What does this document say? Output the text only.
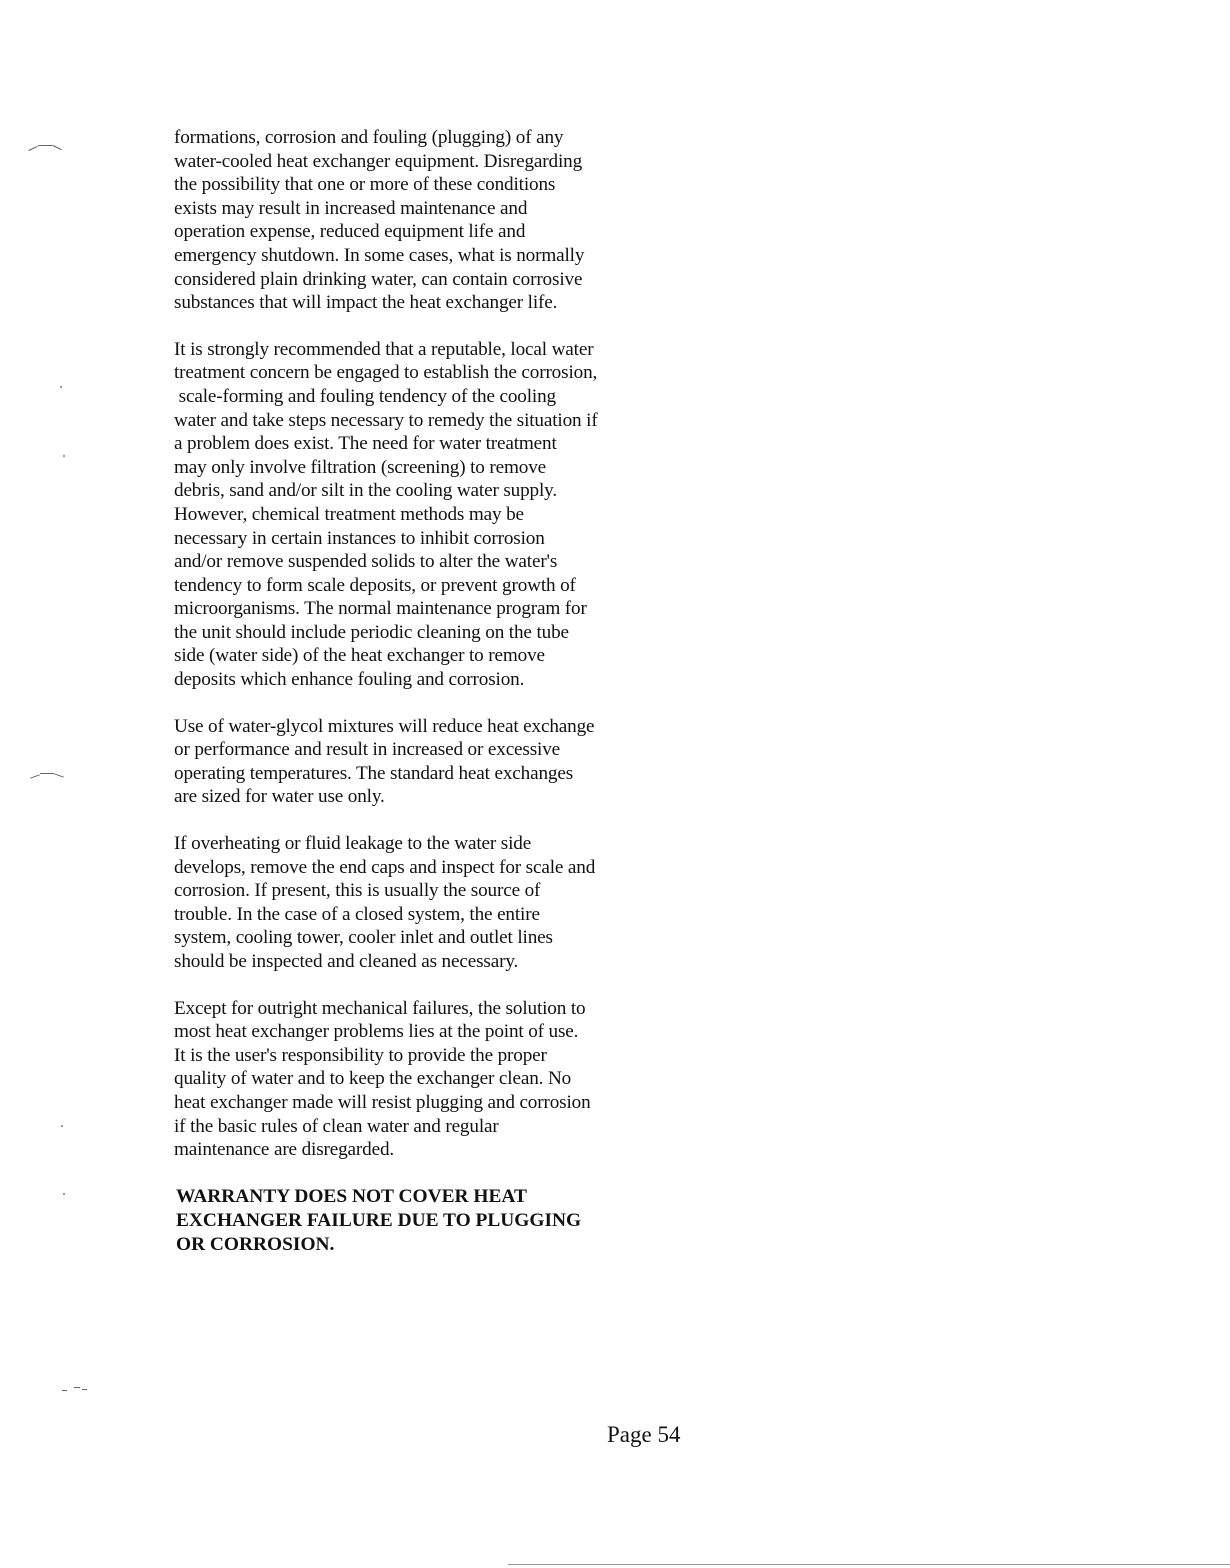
formations, corrosion and fouling (plugging) of any
water-cooled heat exchanger equipment. Disregarding
the possibility that one or more of these conditions
exists may result in increased maintenance and
operation expense, reduced equipment life and
emergency shutdown. In some cases, what is normally
considered plain drinking water, can contain corrosive
substances that will impact the heat exchanger life.

It is strongly recommended that a reputable, local water
treatment concern be engaged to establish the corrosion,
scale-forming and fouling tendency of the cooling
water and take steps necessary to remedy the situation if
a problem does exist. The need for water treatment
may only involve filtration (screening) to remove
debris, sand and/or silt in the cooling water supply.
However, chemical treatment methods may be
necessary in certain instances to inhibit corrosion
and/or remove suspended solids to alter the water's
tendency to form scale deposits, or prevent growth of
microorganisms. The normal maintenance program for
the unit should include periodic cleaning on the tube
side (water side) of the heat exchanger to remove
deposits which enhance fouling and corrosion.

Use of water-glycol mixtures will reduce heat exchange
or performance and result in increased or excessive
operating temperatures. The standard heat exchanges
are sized for water use only.

If overheating or fluid leakage to the water side
develops, remove the end caps and inspect for scale and
corrosion. If present, this is usually the source of
trouble. In the case of a closed system, the entire
system, cooling tower, cooler inlet and outlet lines
should be inspected and cleaned as necessary.

Except for outright mechanical failures, the solution to
most heat exchanger problems lies at the point of use.
It is the user's responsibility to provide the proper
quality of water and to keep the exchanger clean. No
heat exchanger made will resist plugging and corrosion
if the basic rules of clean water and regular
maintenance are disregarded.

WARRANTY DOES NOT COVER HEAT
EXCHANGER FAILURE DUE TO PLUGGING
OR CORROSION.

Page 54
